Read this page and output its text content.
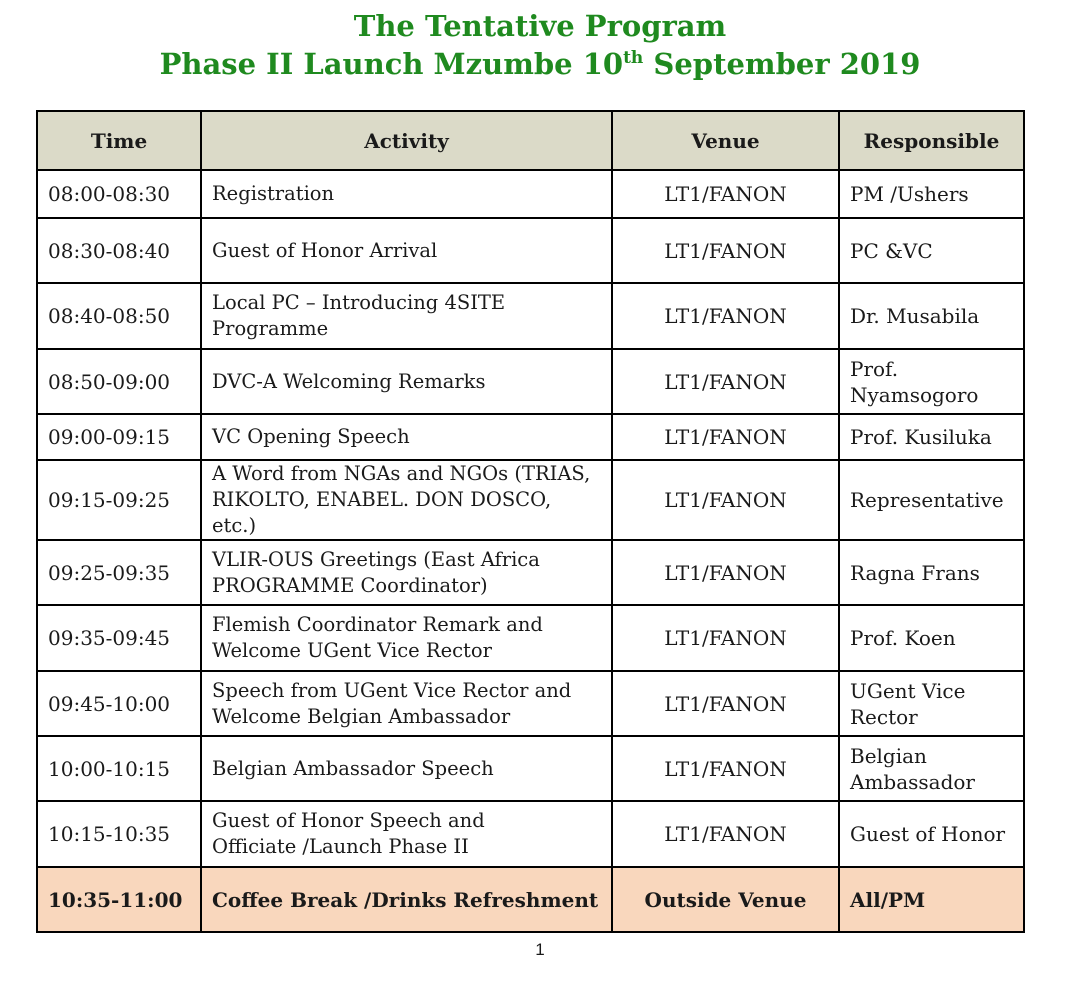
The Tentative Program
Phase II Launch Mzumbe 10th September 2019
Time	Activity	Venue	Responsible
08:00-08:30	Registration	LT1/FANON	PM /Ushers
08:30-08:40	Guest of Honor Arrival	LT1/FANON	PC &VC
08:40-08:50	Local PC – Introducing 4SITE
Programme	LT1/FANON	Dr. Musabila
08:50-09:00	DVC-A Welcoming Remarks	LT1/FANON	Prof.
Nyamsogoro
09:00-09:15	VC Opening Speech	LT1/FANON	Prof. Kusiluka
09:15-09:25	A Word from NGAs and NGOs (TRIAS,
RIKOLTO, ENABEL. DON DOSCO, etc.)	LT1/FANON	Representative
09:25-09:35	VLIR-OUS Greetings (East Africa
PROGRAMME Coordinator)	LT1/FANON	Ragna Frans
09:35-09:45	Flemish Coordinator Remark and
Welcome UGent Vice Rector	LT1/FANON	Prof. Koen
09:45-10:00	Speech from UGent Vice Rector and
Welcome Belgian Ambassador	LT1/FANON	UGent Vice
Rector
10:00-10:15	Belgian Ambassador Speech	LT1/FANON	Belgian
Ambassador
10:15-10:35	Guest of Honor Speech and
Officiate /Launch Phase II	LT1/FANON	Guest of Honor
10:35-11:00	Coffee Break /Drinks Refreshment	Outside Venue	All/PM
1
